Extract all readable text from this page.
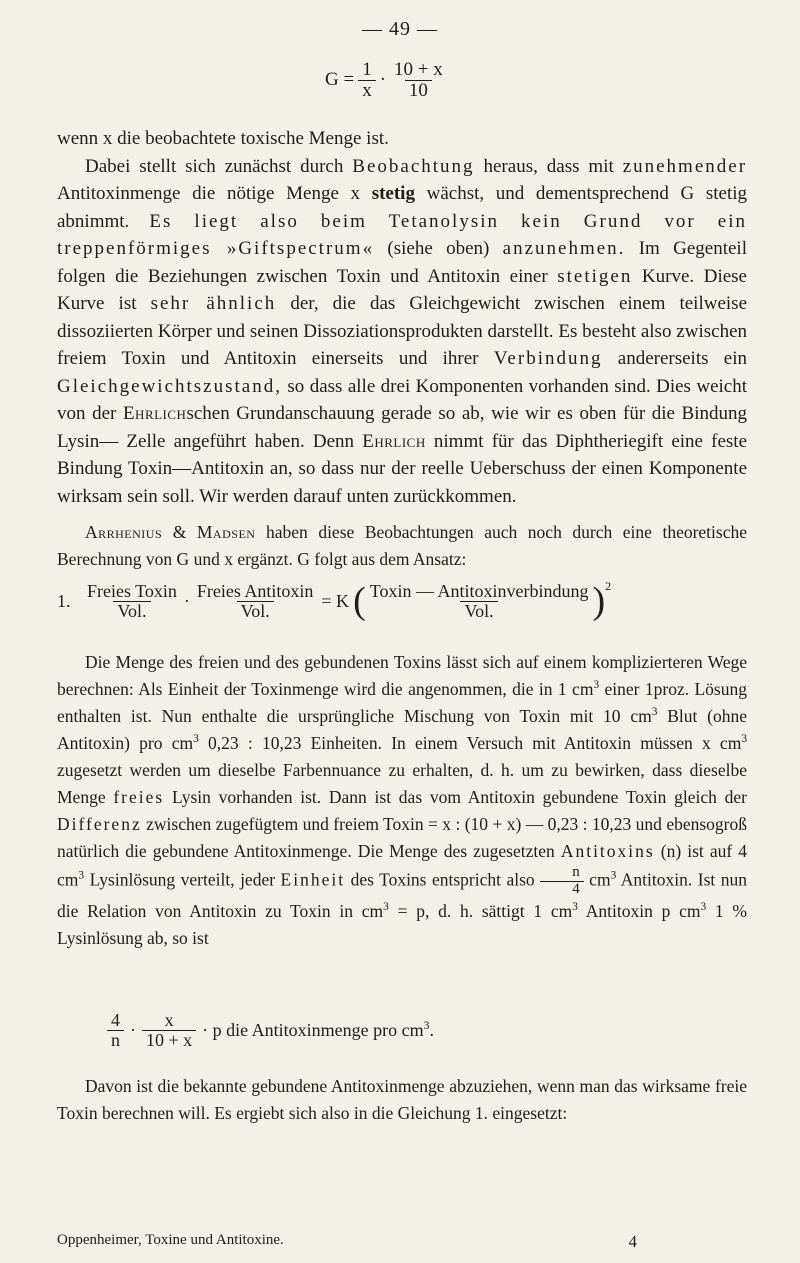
— 49 —
$G = \frac{1}{x} \cdot \frac{10 + x}{10}$

wenn x die beobachtete toxische Menge ist.

Dabei stellt sich zunächst durch Beobachtung heraus, dass mit zunehmender Antitoxinmenge die nötige Menge x stetig wächst, und dementsprechend G stetig abnimmt. Es liegt also beim Tetanolysin kein Grund vor ein treppenförmiges »Giftspectrum« (siehe oben) anzunehmen. Im Gegenteil folgen die Beziehungen zwischen Toxin und Antitoxin einer stetigen Kurve. Diese Kurve ist sehr ähnlich der, die das Gleichgewicht zwischen einem teilweise dissoziierten Körper und seinen Dissoziationsprodukten darstellt. Es besteht also zwischen freiem Toxin und Antitoxin einerseits und ihrer Verbindung andererseits ein Gleichgewichtszustand, so dass alle drei Komponenten vorhanden sind. Dies weicht von der Ehrlichschen Grundanschauung gerade so ab, wie wir es oben für die Bindung Lysin— Zelle angeführt haben. Denn Ehrlich nimmt für das Diphtheriegift eine feste Bindung Toxin—Antitoxin an, so dass nur der reelle Ueberschuss der einen Komponente wirksam sein soll. Wir werden darauf unten zurückkommen.

Arrhenius & Madsen haben diese Beobachtungen auch noch durch eine theoretische Berechnung von G und x ergänzt. G folgt aus dem Ansatz:

1. $\frac{\text{Freies Toxin}}{\text{Vol.}} \cdot \frac{\text{Freies Antitoxin}}{\text{Vol.}} = K$ ( $\frac{\text{Toxin — Antitoxinverbindung}}{\text{Vol.}}$ ) 2

Die Menge des freien und des gebundenen Toxins lässt sich auf einem komplizierteren Wege berechnen: Als Einheit der Toxinmenge wird die angenommen, die in 1 $cm^3$ einer 1proz. Lösung enthalten ist. Nun enthalte die ursprüngliche Mischung von Toxin mit 10 $cm^3$ Blut (ohne Antitoxin) pro $cm^3$ 0,23 : 10,23 Einheiten. In einem Versuch mit Antitoxin müssen x $cm^3$ zugesetzt werden um dieselbe Farbennuance zu erhalten, d. h. um zu bewirken, dass dieselbe Menge freies Lysin vorhanden ist. Dann ist das vom Antitoxin gebundene Toxin gleich der Differenz zwischen zugefügtem und freiem Toxin = x : (10 + x) — 0,23 : 10,23 und ebensogroß natürlich die gebundene Antitoxinmenge. Die Menge des zugesetzten Antitoxins (n) ist auf 4 $cm^3$ Lysinlösung verteilt, jeder Einheit des Toxins entspricht also $\frac{n}{4} cm^3$ Antitoxin. Ist nun die Relation von Antitoxin zu Toxin in $cm^3 = p$, d. h. sättigt 1 $cm^3$ Antitoxin p $cm^3$ 1 % Lysinlösung ab, so ist

$\frac{4}{n} \cdot \frac{x}{10 + x} \cdot p$ die Antitoxinmenge pro $cm^3$.

Davon ist die bekannte gebundene Antitoxinmenge abzuziehen, wenn man das wirksame freie Toxin berechnen will. Es ergiebt sich also in die Gleichung 1. eingesetzt:

Oppenheimer, Toxine und Antitoxine.	4
